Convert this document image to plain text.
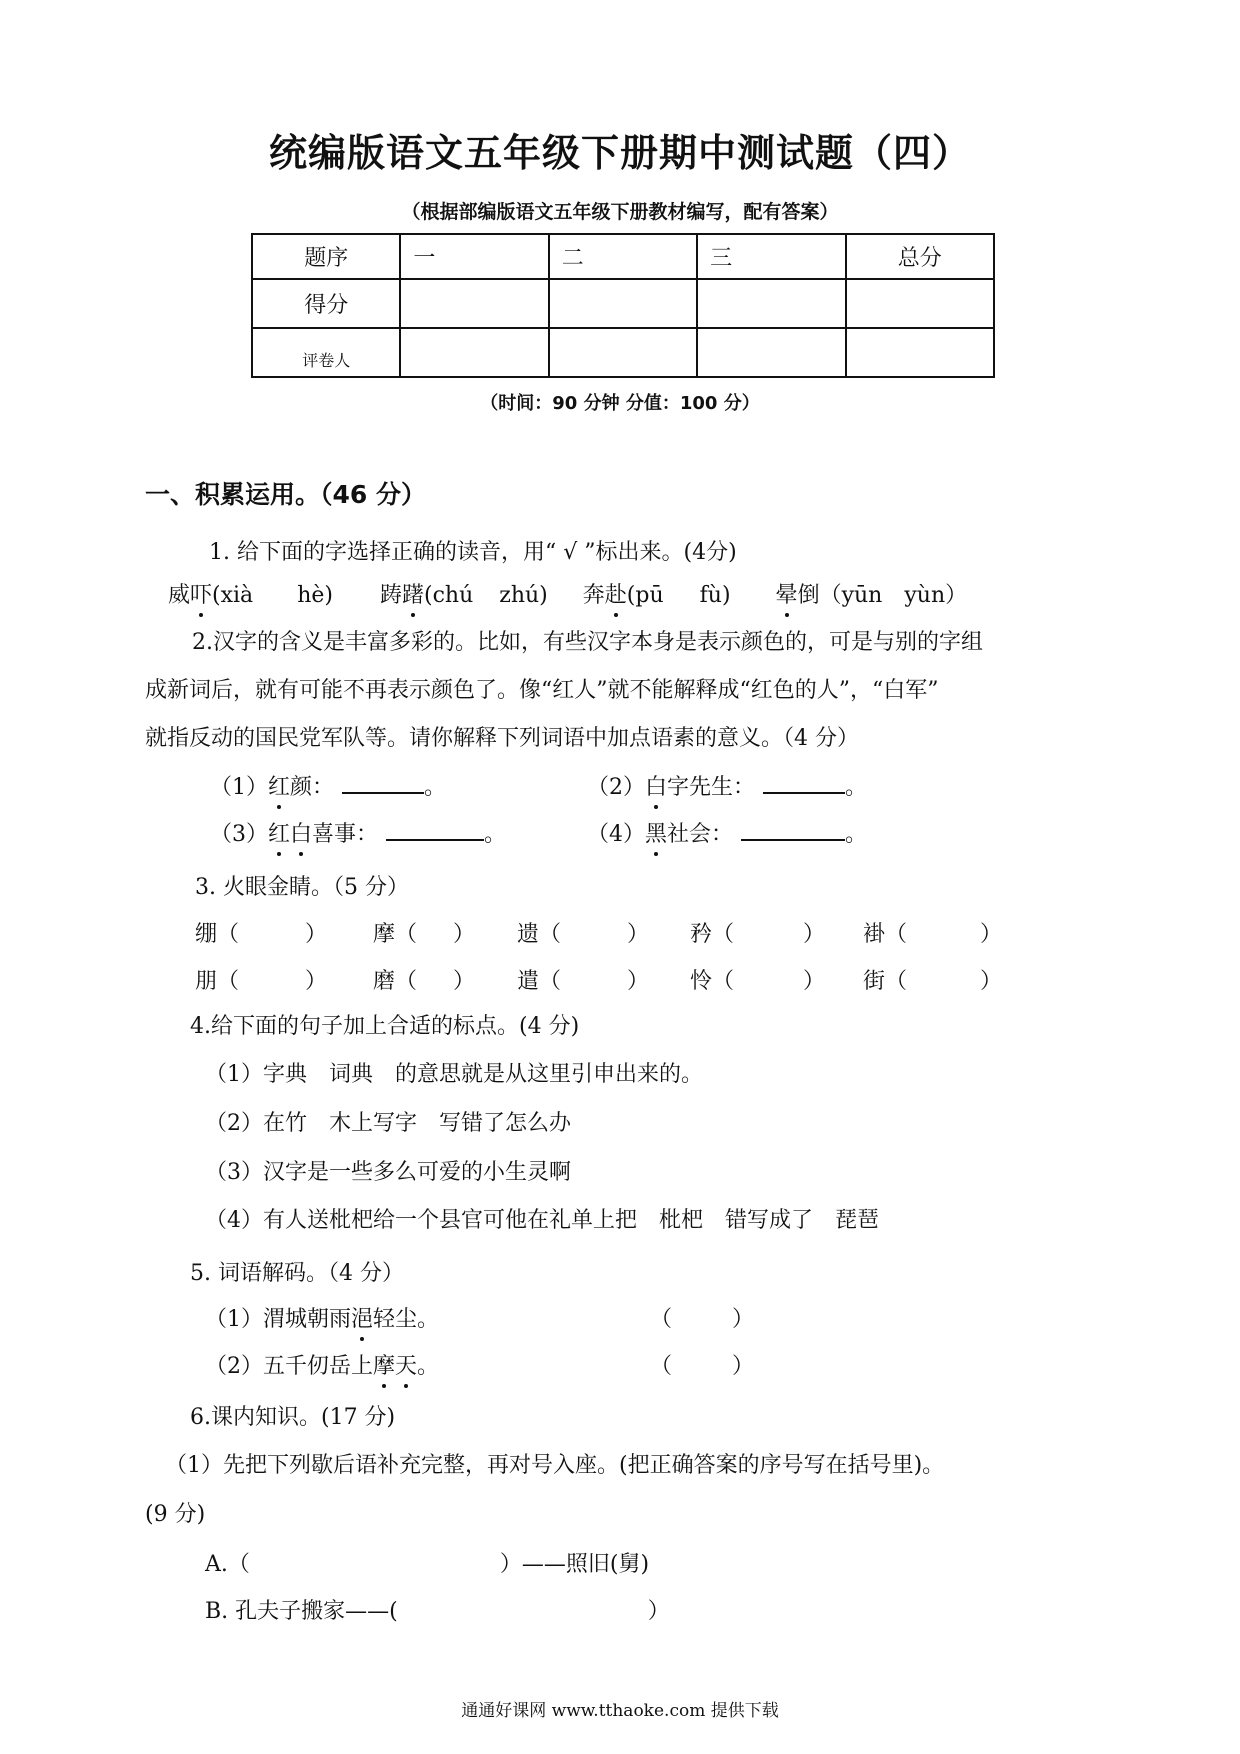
统编版语文五年级下册期中测试题（四）
（根据部编版语文五年级下册教材编写，配有答案）
题序	一	二	三	总分
得分				
评卷人				
（时间：90 分钟 分值：100 分）
一、积累运用。（46 分）
1. 给下面的字选择正确的读音，用“ √ ”标出来。(4分)
威吓(xià hè) 踌躇(chú zhú) 奔赴(pū fù) 晕倒（yūn yùn）
2.汉字的含义是丰富多彩的。比如，有些汉字本身是表示颜色的，可是与别的字组
成新词后，就有可能不再表示颜色了。像“红人”就不能解释成“红色的人”，“白军”
就指反动的国民党军队等。请你解释下列词语中加点语素的意义。（4 分）
（1）红颜：	。	（2）白字先生：	。
（3）红白喜事：	。	（4）黑社会：	。
3. 火眼金睛。（5 分）
绷（	） 摩（ ） 遗（	） 矜（	） 褂（	）
朋（	） 磨（ ） 遣（	） 怜（	） 街（	）
4.给下面的句子加上合适的标点。(4 分)
（1）字典　词典　的意思就是从这里引申出来的。
（2）在竹　木上写字　写错了怎么办
（3）汉字是一些多么可爱的小生灵啊
（4）有人送枇杷给一个县官可他在礼单上把　枇杷　错写成了　琵琶
5. 词语解码。（4 分）
（1）渭城朝雨浥轻尘。	（	）
（2）五千仞岳上摩天。	（	）
6.课内知识。(17 分)
（1）先把下列歇后语补充完整，再对号入座。(把正确答案的序号写在括号里)。
(9 分)
A.（	）——照旧(舅)
B. 孔夫子搬家——(	）
通通好课网 www.tthaoke.com 提供下载
